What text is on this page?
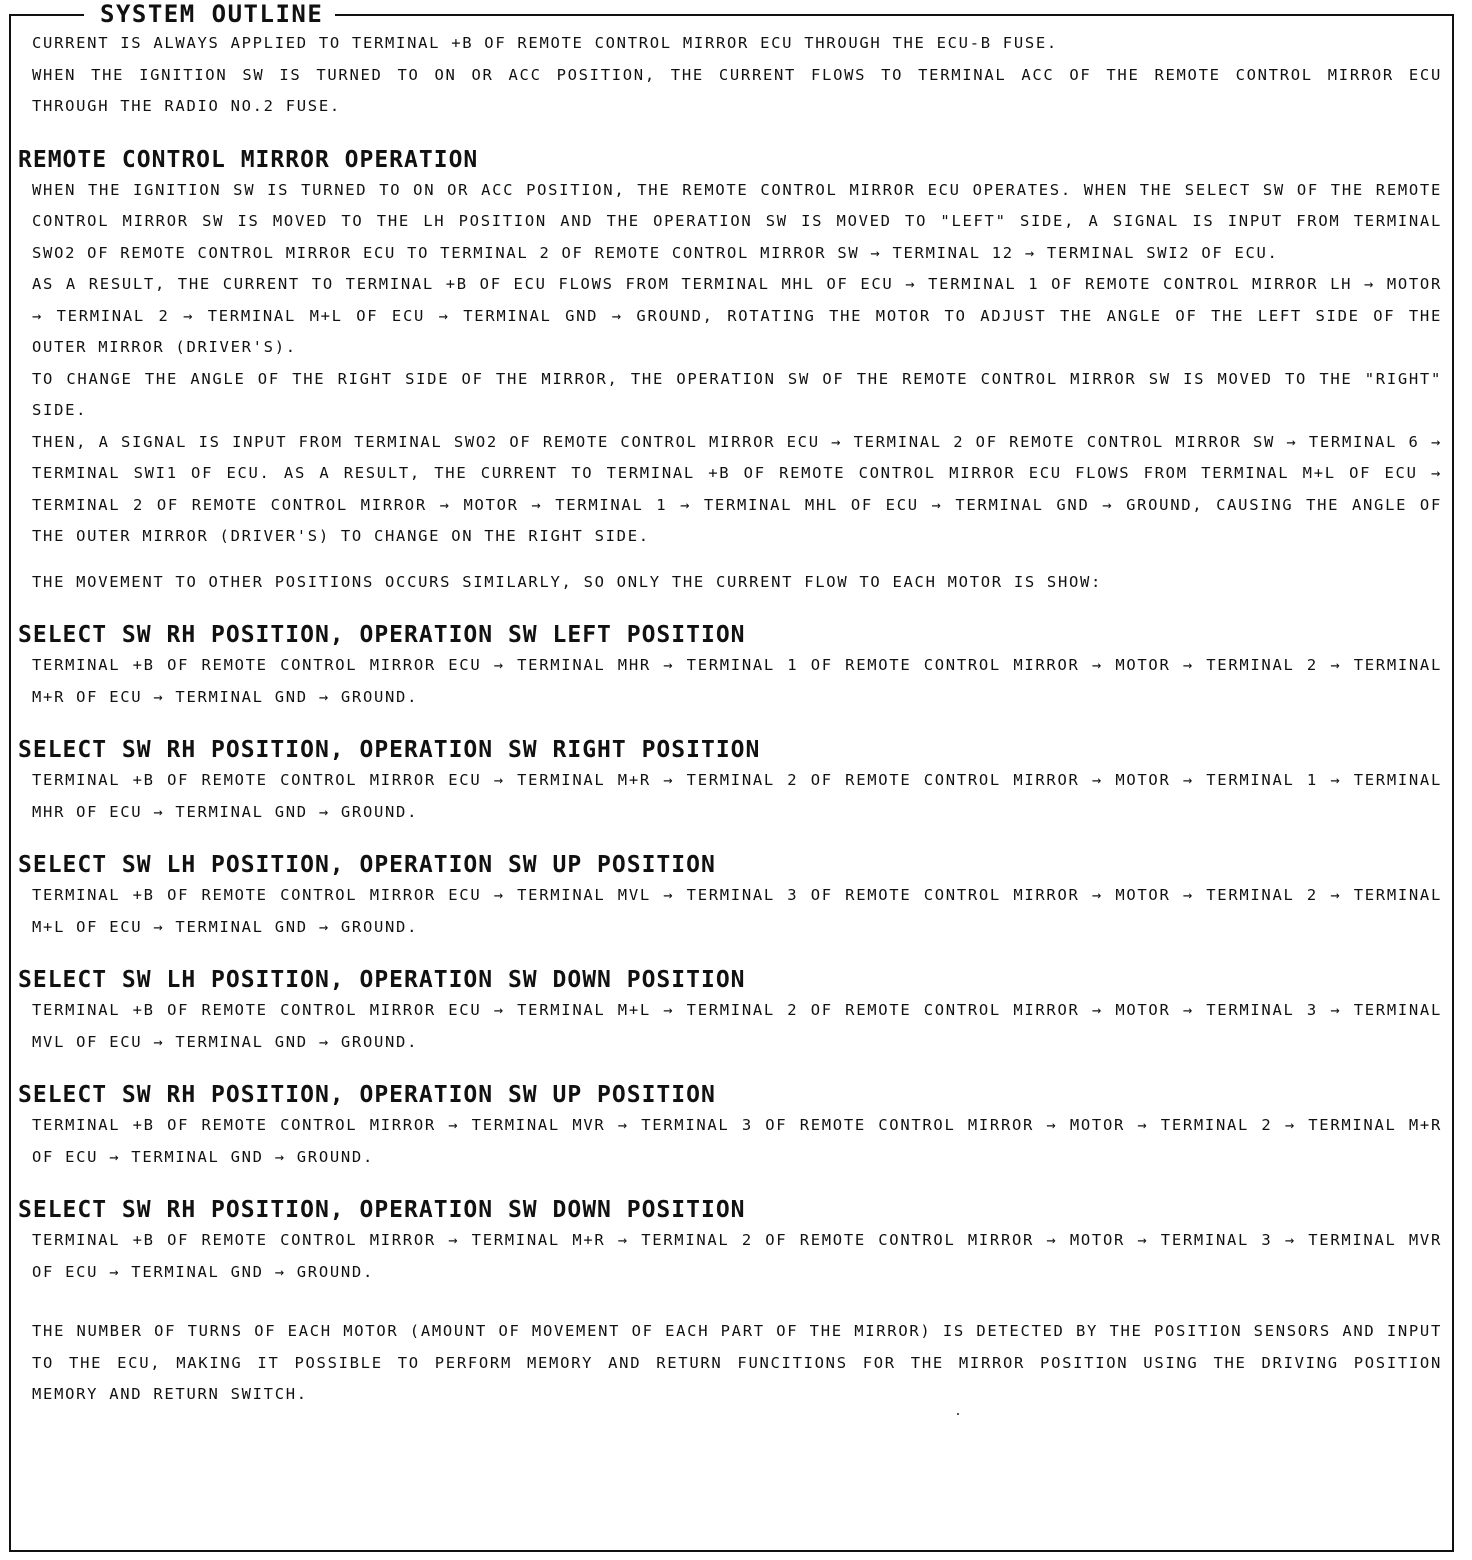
SYSTEM OUTLINE

CURRENT IS ALWAYS APPLIED TO TERMINAL +B OF REMOTE CONTROL MIRROR ECU THROUGH THE ECU-B FUSE.

WHEN THE IGNITION SW IS TURNED TO ON OR ACC POSITION, THE CURRENT FLOWS TO TERMINAL ACC OF THE REMOTE CONTROL MIRROR ECU THROUGH THE RADIO NO.2 FUSE.

REMOTE CONTROL MIRROR OPERATION

WHEN THE IGNITION SW IS TURNED TO ON OR ACC POSITION, THE REMOTE CONTROL MIRROR ECU OPERATES. WHEN THE SELECT SW OF THE REMOTE CONTROL MIRROR SW IS MOVED TO THE LH POSITION AND THE OPERATION SW IS MOVED TO "LEFT" SIDE, A SIGNAL IS INPUT FROM TERMINAL SWO2 OF REMOTE CONTROL MIRROR ECU TO TERMINAL 2 OF REMOTE CONTROL MIRROR SW → TERMINAL 12 → TERMINAL SWI2 OF ECU.

AS A RESULT, THE CURRENT TO TERMINAL +B OF ECU FLOWS FROM TERMINAL MHL OF ECU → TERMINAL 1 OF REMOTE CONTROL MIRROR LH → MOTOR → TERMINAL 2 → TERMINAL M+L OF ECU → TERMINAL GND → GROUND, ROTATING THE MOTOR TO ADJUST THE ANGLE OF THE LEFT SIDE OF THE OUTER MIRROR (DRIVER'S).

TO CHANGE THE ANGLE OF THE RIGHT SIDE OF THE MIRROR, THE OPERATION SW OF THE REMOTE CONTROL MIRROR SW IS MOVED TO THE "RIGHT" SIDE.

THEN, A SIGNAL IS INPUT FROM TERMINAL SWO2 OF REMOTE CONTROL MIRROR ECU → TERMINAL 2 OF REMOTE CONTROL MIRROR SW → TERMINAL 6 → TERMINAL SWI1 OF ECU. AS A RESULT, THE CURRENT TO TERMINAL +B OF REMOTE CONTROL MIRROR ECU FLOWS FROM TERMINAL M+L OF ECU → TERMINAL 2 OF REMOTE CONTROL MIRROR → MOTOR → TERMINAL 1 → TERMINAL MHL OF ECU → TERMINAL GND → GROUND, CAUSING THE ANGLE OF THE OUTER MIRROR (DRIVER'S) TO CHANGE ON THE RIGHT SIDE.

THE MOVEMENT TO OTHER POSITIONS OCCURS SIMILARLY, SO ONLY THE CURRENT FLOW TO EACH MOTOR IS SHOW:

SELECT SW RH POSITION, OPERATION SW LEFT POSITION

TERMINAL +B OF REMOTE CONTROL MIRROR ECU → TERMINAL MHR → TERMINAL 1 OF REMOTE CONTROL MIRROR → MOTOR → TERMINAL 2 → TERMINAL M+R OF ECU → TERMINAL GND → GROUND.

SELECT SW RH POSITION, OPERATION SW RIGHT POSITION

TERMINAL +B OF REMOTE CONTROL MIRROR ECU → TERMINAL M+R → TERMINAL 2 OF REMOTE CONTROL MIRROR → MOTOR → TERMINAL 1 → TERMINAL MHR OF ECU → TERMINAL GND → GROUND.

SELECT SW LH POSITION, OPERATION SW UP POSITION

TERMINAL +B OF REMOTE CONTROL MIRROR ECU → TERMINAL MVL → TERMINAL 3 OF REMOTE CONTROL MIRROR → MOTOR → TERMINAL 2 → TERMINAL M+L OF ECU → TERMINAL GND → GROUND.

SELECT SW LH POSITION, OPERATION SW DOWN POSITION

TERMINAL +B OF REMOTE CONTROL MIRROR ECU → TERMINAL M+L → TERMINAL 2 OF REMOTE CONTROL MIRROR → MOTOR → TERMINAL 3 → TERMINAL MVL OF ECU → TERMINAL GND → GROUND.

SELECT SW RH POSITION, OPERATION SW UP POSITION

TERMINAL +B OF REMOTE CONTROL MIRROR → TERMINAL MVR → TERMINAL 3 OF REMOTE CONTROL MIRROR → MOTOR → TERMINAL 2 → TERMINAL M+R OF ECU → TERMINAL GND → GROUND.

SELECT SW RH POSITION, OPERATION SW DOWN POSITION

TERMINAL +B OF REMOTE CONTROL MIRROR → TERMINAL M+R → TERMINAL 2 OF REMOTE CONTROL MIRROR → MOTOR → TERMINAL 3 → TERMINAL MVR OF ECU → TERMINAL GND → GROUND.

THE NUMBER OF TURNS OF EACH MOTOR (AMOUNT OF MOVEMENT OF EACH PART OF THE MIRROR) IS DETECTED BY THE POSITION SENSORS AND INPUT TO THE ECU, MAKING IT POSSIBLE TO PERFORM MEMORY AND RETURN FUNCITIONS FOR THE MIRROR POSITION USING THE DRIVING POSITION MEMORY AND RETURN SWITCH.
